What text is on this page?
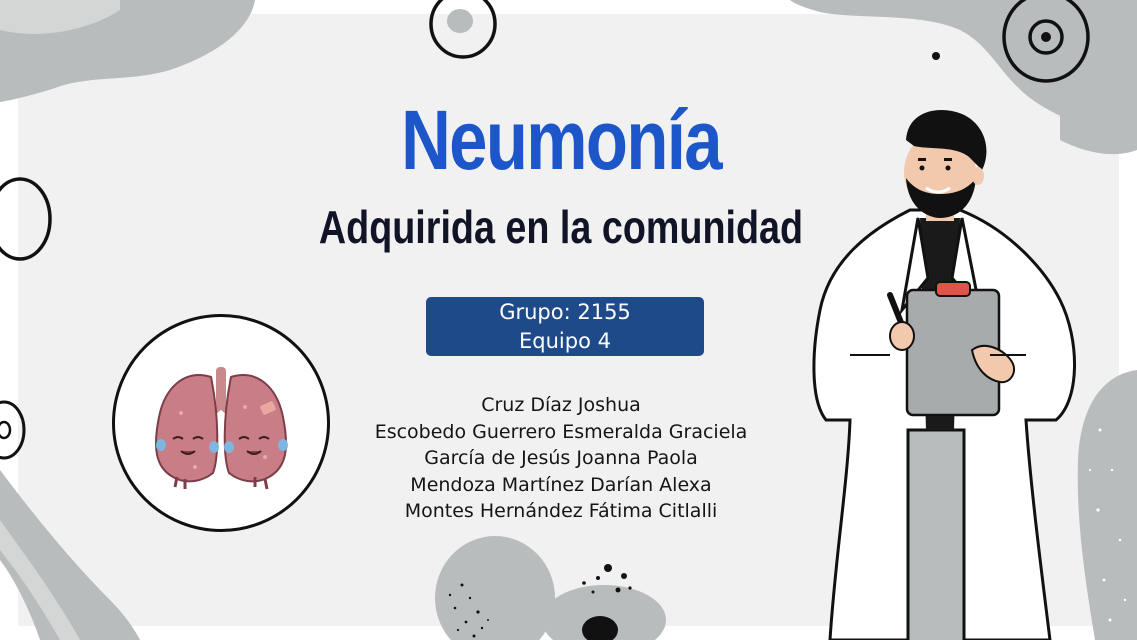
Neumonía
Adquirida en la comunidad
Grupo: 2155
Equipo 4
Cruz Díaz Joshua
Escobedo Guerrero Esmeralda Graciela
García de Jesús Joanna Paola
Mendoza Martínez Darían Alexa
Montes Hernández Fátima Citlalli
